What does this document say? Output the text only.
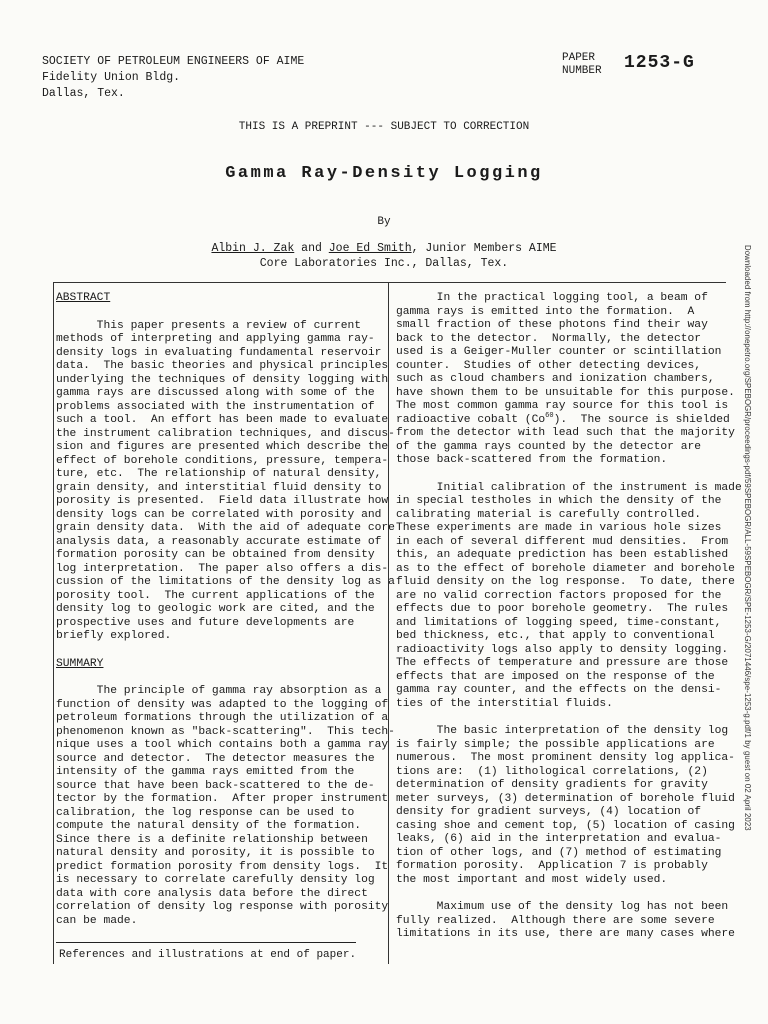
SOCIETY OF PETROLEUM ENGINEERS OF AIME
Fidelity Union Bldg.
Dallas, Tex.
PAPER
NUMBER 1253-G
THIS IS A PREPRINT --- SUBJECT TO CORRECTION
Gamma Ray-Density Logging
By
Albin J. Zak and Joe Ed Smith, Junior Members AIME
Core Laboratories Inc., Dallas, Tex.

ABSTRACT

This paper presents a review of current

methods of interpreting and applying gamma ray-

density logs in evaluating fundamental reservoir

data.  The basic theories and physical principles

underlying the techniques of density logging with

gamma rays are discussed along with some of the

problems associated with the instrumentation of

such a tool.  An effort has been made to evaluate

the instrument calibration techniques, and discus-

sion and figures are presented which describe the

effect of borehole conditions, pressure, tempera-

ture, etc.  The relationship of natural density,

grain density, and interstitial fluid density to

porosity is presented.  Field data illustrate how

density logs can be correlated with porosity and

grain density data.  With the aid of adequate core

analysis data, a reasonably accurate estimate of

formation porosity can be obtained from density

log interpretation.  The paper also offers a dis-

cussion of the limitations of the density log as a

porosity tool.  The current applications of the

density log to geologic work are cited, and the

prospective uses and future developments are

briefly explored.

SUMMARY

The principle of gamma ray absorption as a

function of density was adapted to the logging of

petroleum formations through the utilization of a

phenomenon known as "back-scattering".  This tech-

nique uses a tool which contains both a gamma ray

source and detector.  The detector measures the

intensity of the gamma rays emitted from the

source that have been back-scattered to the de-

tector by the formation.  After proper instrument

calibration, the log response can be used to

compute the natural density of the formation.

Since there is a definite relationship between

natural density and porosity, it is possible to

predict formation porosity from density logs.  It

is necessary to correlate carefully density log

data with core analysis data before the direct

correlation of density log response with porosity

can be made.

In the practical logging tool, a beam of

gamma rays is emitted into the formation.  A

small fraction of these photons find their way

back to the detector.  Normally, the detector

used is a Geiger-Muller counter or scintillation

counter.  Studies of other detecting devices,

such as cloud chambers and ionization chambers,

have shown them to be unsuitable for this purpose.

The most common gamma ray source for this tool is

radioactive cobalt (Co$^{60}$).  The source is shielded

from the detector with lead such that the majority

of the gamma rays counted by the detector are

those back-scattered from the formation.

Initial calibration of the instrument is made

in special testholes in which the density of the

calibrating material is carefully controlled.

These experiments are made in various hole sizes

in each of several different mud densities.  From

this, an adequate prediction has been established

as to the effect of borehole diameter and borehole

fluid density on the log response.  To date, there

are no valid correction factors proposed for the

effects due to poor borehole geometry.  The rules

and limitations of logging speed, time-constant,

bed thickness, etc., that apply to conventional

radioactivity logs also apply to density logging.

The effects of temperature and pressure are those

effects that are imposed on the response of the

gamma ray counter, and the effects on the densi-

ties of the interstitial fluids.

The basic interpretation of the density log

is fairly simple; the possible applications are

numerous.  The most prominent density log applica-

tions are:  (1) lithological correlations, (2)

determination of density gradients for gravity

meter surveys, (3) determination of borehole fluid

density for gradient surveys, (4) location of

casing shoe and cement top, (5) location of casing

leaks, (6) aid in the interpretation and evalua-

tion of other logs, and (7) method of estimating

formation porosity.  Application 7 is probably

the most important and most widely used.

Maximum use of the density log has not been

fully realized.  Although there are some severe

limitations in its use, there are many cases where

References and illustrations at end of paper.
Downloaded from http://onepetro.org/SPEBOGR/proceedings-pdf/59SPEBOGR/ALL-59SPEBOGR/SPE-1253-G/2071446/spe-1253-g.pdf/1 by guest on 02 April 2023
